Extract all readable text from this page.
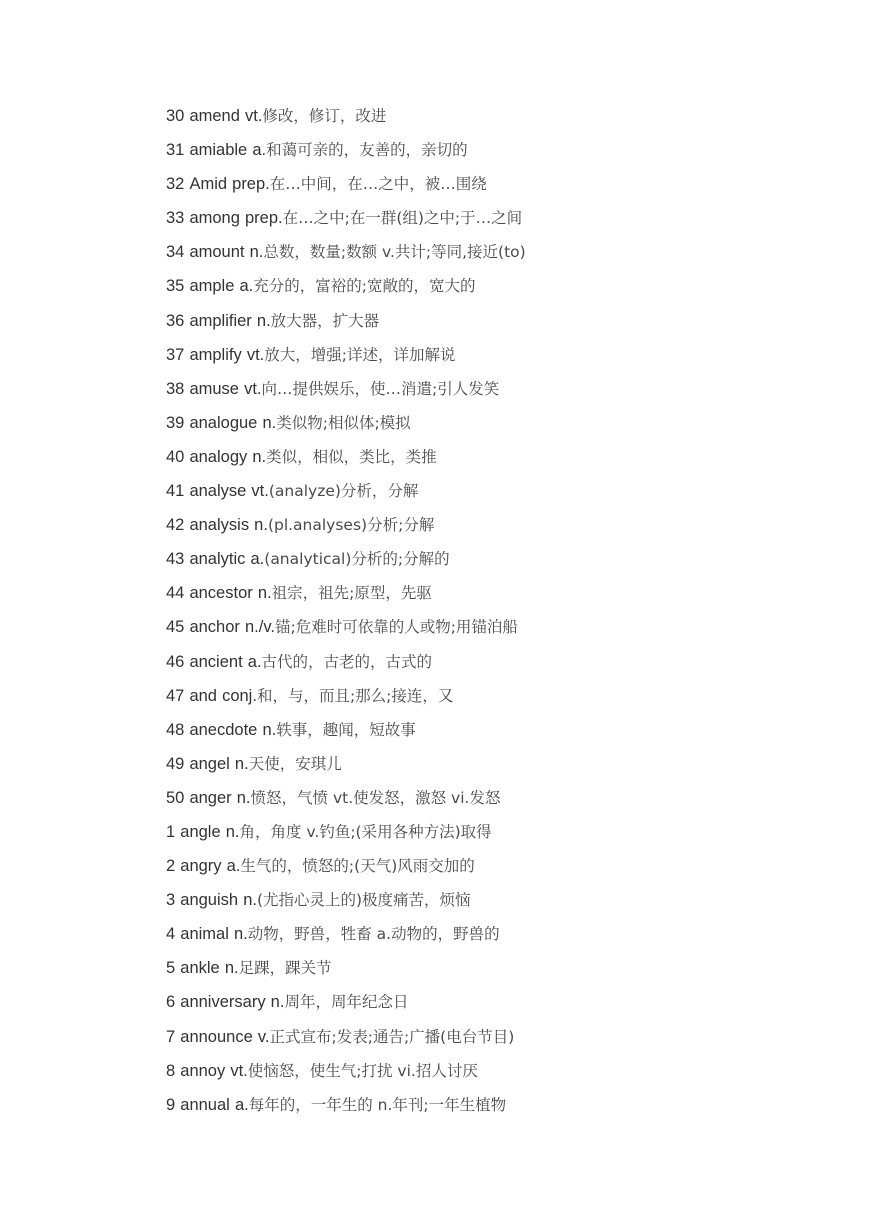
30 amend vt.修改，修订，改进
31 amiable a.和蔼可亲的，友善的，亲切的
32 Amid prep.在…中间，在…之中，被…围绕
33 among prep.在…之中;在一群(组)之中;于…之间
34 amount n.总数，数量;数额 v.共计;等同,接近(to)
35 ample a.充分的，富裕的;宽敞的，宽大的
36 amplifier n.放大器，扩大器
37 amplify vt.放大，增强;详述，详加解说
38 amuse vt.向…提供娱乐，使…消遣;引人发笑
39 analogue n.类似物;相似体;模拟
40 analogy n.类似，相似，类比，类推
41 analyse vt.(analyze)分析，分解
42 analysis n.(pl.analyses)分析;分解
43 analytic a.(analytical)分析的;分解的
44 ancestor n.祖宗，祖先;原型，先驱
45 anchor n./v.锚;危难时可依靠的人或物;用锚泊船
46 ancient a.古代的，古老的，古式的
47 and conj.和，与，而且;那么;接连，又
48 anecdote n.轶事，趣闻，短故事
49 angel n.天使，安琪儿
50 anger n.愤怒，气愤 vt.使发怒，激怒 vi.发怒
1 angle n.角，角度 v.钓鱼;(采用各种方法)取得
2 angry a.生气的，愤怒的;(天气)风雨交加的
3 anguish n.(尤指心灵上的)极度痛苦，烦恼
4 animal n.动物，野兽，牲畜 a.动物的，野兽的
5 ankle n.足踝，踝关节
6 anniversary n.周年，周年纪念日
7 announce v.正式宣布;发表;通告;广播(电台节目)
8 annoy vt.使恼怒，使生气;打扰 vi.招人讨厌
9 annual a.每年的，一年生的 n.年刊;一年生植物
